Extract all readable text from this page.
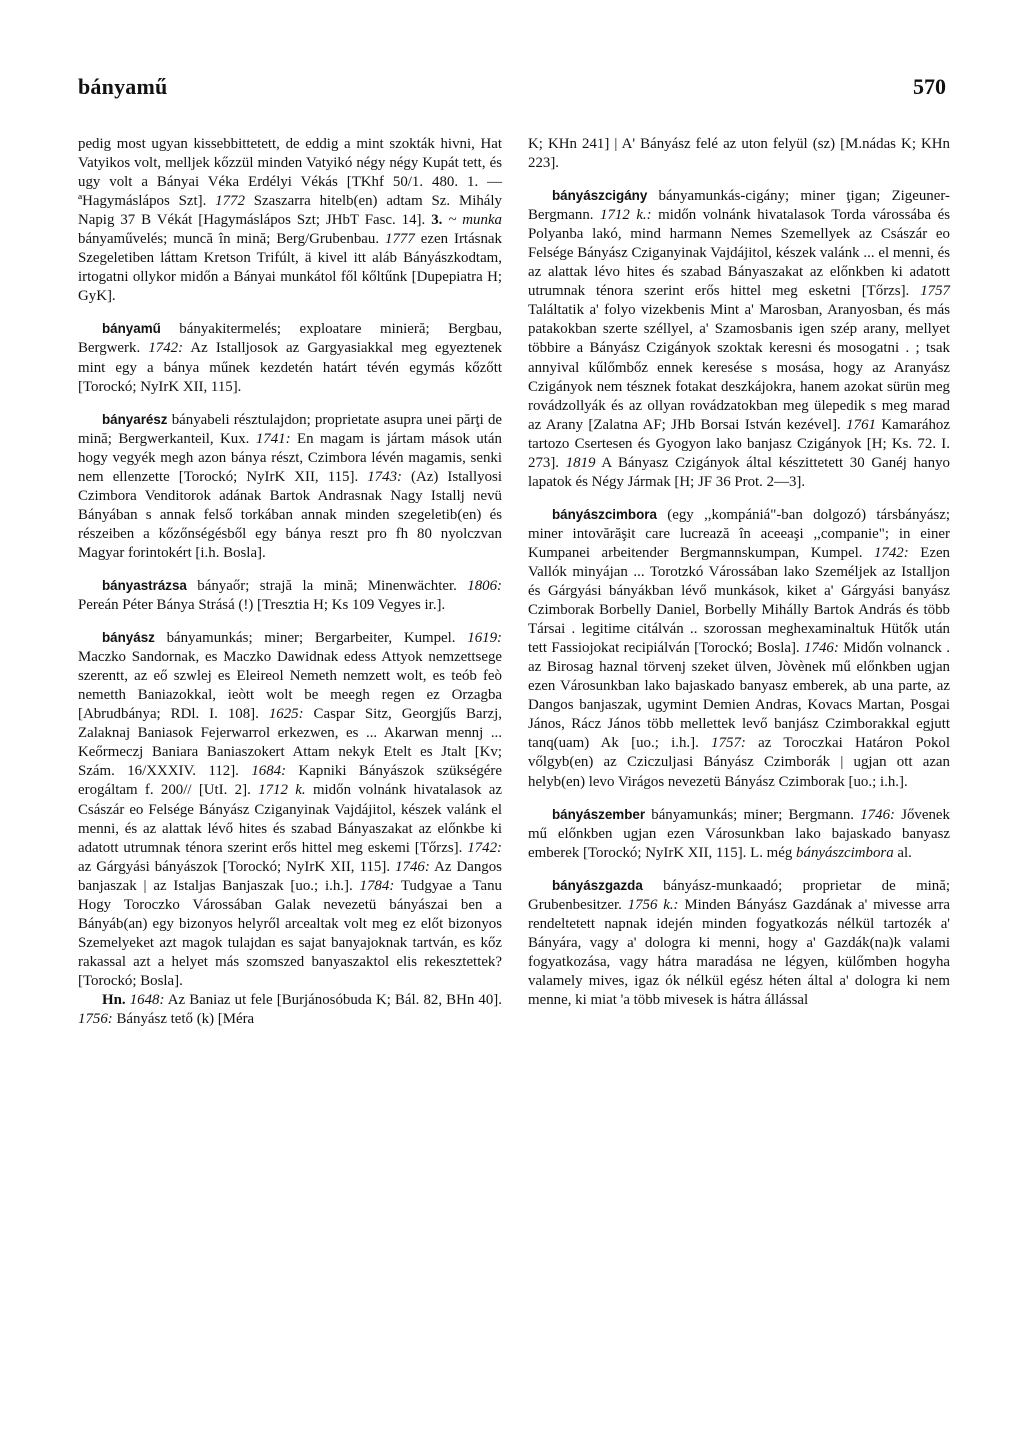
bányamű	570

pedig most ugyan kissebbittetett, de eddig a mint szokták hivni, Hat Vatyikos volt, melljek kőzzül minden Vatyikó négy négy Kupát tett, és ugy volt a Bányai Véka Erdélyi Vékás [TKhf 50/1. 480. 1. — ªHagymáslápos Szt]. 1772 Szaszarra hitelb(en) adtam Sz. Mihály Napig 37 B Vékát [Hagymáslápos Szt; JHbT Fasc. 14]. 3. ~ munka bányaművelés; muncă în mină; Berg/Grubenbau. 1777 ezen Irtásnak Szegeletiben láttam Kretson Trifúlt, ä kivel itt aláb Bányászkodtam, irtogatni ollykor midőn a Bányai munkátol fől kőltűnk [Dupepiatra H; GyK].

bányamű bányakitermelés; exploatare minieră; Bergbau, Bergwerk. 1742: Az Istalljosok az Gargyasiakkal meg egyeztenek mint egy a bánya műnek kezdetén határt tévén egymás kőzőtt [Torockó; NyIrK XII, 115].

bányarész bányabeli résztulajdon; proprietate asupra unei părţi de mină; Bergwerkanteil, Kux. 1741: En magam is jártam mások után hogy vegyék megh azon bánya részt, Czimbora lévén magamis, senki nem ellenzette [Torockó; NyIrK XII, 115]. 1743: (Az) Istallyosi Czimbora Venditorok adának Bartok Andrasnak Nagy Istallj nevü Bányában s annak felső torkában annak minden szegeletib(en) és részeiben a kőzőnségésből egy bánya reszt pro fh 80 nyolczvan Magyar forintokért [i.h. Bosla].

bányastrázsa bányaőr; strajă la mină; Minenwächter. 1806: Pereán Péter Bánya Strásá (!) [Tresztia H; Ks 109 Vegyes ir.].

bányász bányamunkás; miner; Bergarbeiter, Kumpel. 1619: Maczko Sandornak, es Maczko Dawidnak edess Attyok nemzettsege szerentt, az eő szwlej es Eleireol Nemeth nemzett wolt, es teób feò nemetth Baniazokkal, ieòtt wolt be meegh regen ez Orzagba [Abrudbánya; RDl. I. 108]. 1625: Caspar Sitz, Georgjűs Barzj, Zalaknaj Baniasok Fejerwarrol erkezwen, es ... Akarwan mennj ... Keőrmeczj Baniara Baniaszokert Attam nekyk Etelt es Jtalt [Kv; Szám. 16/XXXIV. 112]. 1684: Kapniki Bányászok szükségére erogáltam f. 200// [UtI. 2]. 1712 k. midőn volnánk hivatalasok az Császár eo Felsége Bányász Cziganyinak Vajdájitol, készek valánk el menni, és az alattak lévő hites és szabad Bányaszakat az előnkbe ki adatott utrumnak ténora szerint erős hittel meg eskemi [Tőrzs]. 1742: az Gárgyási bányászok [Torockó; NyIrK XII, 115]. 1746: Az Dangos banjaszak | az Istaljas Banjaszak [uo.; i.h.]. 1784: Tudgyae a Tanu Hogy Toroczko Várossában Galak nevezetü bányászai ben a Bányáb(an) egy bizonyos helyről arcealtak volt meg ez előt bizonyos Szemelyeket azt magok tulajdan es sajat banyajoknak tartván, es kőz rakassal azt a helyet más szomszed banyaszaktol elis rekesztettek? [Torockó; Bosla].

Hn. 1648: Az Baniaz ut fele [Burjánosóbuda K; Bál. 82, BHn 40]. 1756: Bányász tető (k) [Méra

K; KHn 241] | A' Bányász felé az uton felyül (sz) [M.nádas K; KHn 223].

bányászcigány bányamunkás-cigány; miner ţigan; Zigeuner-Bergmann. 1712 k.: midőn volnánk hivatalasok Torda várossába és Polyanba lakó, mind harmann Nemes Szemellyek az Császár eo Felsége Bányász Cziganyinak Vajdájitol, készek valánk ... el menni, és az alattak lévo hites és szabad Bányaszakat az előnkben ki adatott utrumnak ténora szerint erős hittel meg esketni [Tőrzs]. 1757 Találtatik a' folyo vizekbenis Mint a' Marosban, Aranyosban, és más patakokban szerte széllyel, a' Szamosbanis igen szép arany, mellyet többire a Bányász Czigányok szoktak keresni és mosogatni . ; tsak annyival kűlőmbőz ennek keresése s mosása, hogy az Aranyász Czigányok nem tésznek fotakat deszkájokra, hanem azokat sürün meg rovádzollyák és az ollyan rovádzatokban meg ülepedik s meg marad az Arany [Zalatna AF; JHb Borsai István kezével]. 1761 Kamarához tartozo Csertesen és Gyogyon lako banjasz Czigányok [H; Ks. 72. I. 273]. 1819 A Bányasz Czigányok által készittetett 30 Ganéj hanyo lapatok és Négy Jármak [H; JF 36 Prot. 2—3].

bányászcimbora (egy ,,kompániá"-ban dolgozó) társbányász; miner intovărăşit care lucrează în aceeaşi ,,companie"; in einer Kumpanei arbeitender Bergmannskumpan, Kumpel. 1742: Ezen Vallók minyájan ... Torotzkó Várossában lako Személjek az Istalljon és Gárgyási bányákban lévő munkások, kiket a' Gárgyási banyász Czimborak Borbelly Daniel, Borbelly Mihálly Bartok András és több Társai . legitime citálván .. szorossan meghexaminaltuk Hütők után tett Fassiojokat recipiálván [Torockó; Bosla]. 1746: Midőn volnanck . az Birosag haznal törvenj szeket ülven, Jòvènek mű előnkben ugjan ezen Városunkban lako bajaskado banyasz emberek, ab una parte, az Dangos banjaszak, ugymint Demien Andras, Kovacs Martan, Posgai János, Rácz János több mellettek levő banjász Czimborakkal egjutt tanq(uam) Ak [uo.; i.h.]. 1757: az Toroczkai Határon Pokol vőlgyb(en) az Cziczuljasi Bányász Czimborák | ugjan ott azan helyb(en) levo Virágos nevezetü Bányász Czimborak [uo.; i.h.].

bányászember bányamunkás; miner; Bergmann. 1746: Jővenek mű előnkben ugjan ezen Városunkban lako bajaskado banyasz emberek [Torockó; NyIrK XII, 115]. L. még bányászcimbora al.

bányászgazda bányász-munkaadó; proprietar de mină; Grubenbesitzer. 1756 k.: Minden Bányász Gazdának a' mivesse arra rendeltetett napnak idején minden fogyatkozás nélkül tartozék a' Bányára, vagy a' dologra ki menni, hogy a' Gazdák(na)k valami fogyatkozása, vagy hátra maradása ne légyen, külőmben hogyha valamely mives, igaz ók nélkül egész héten által a' dologra ki nem menne, ki miat 'a több mivesek is hátra állással
